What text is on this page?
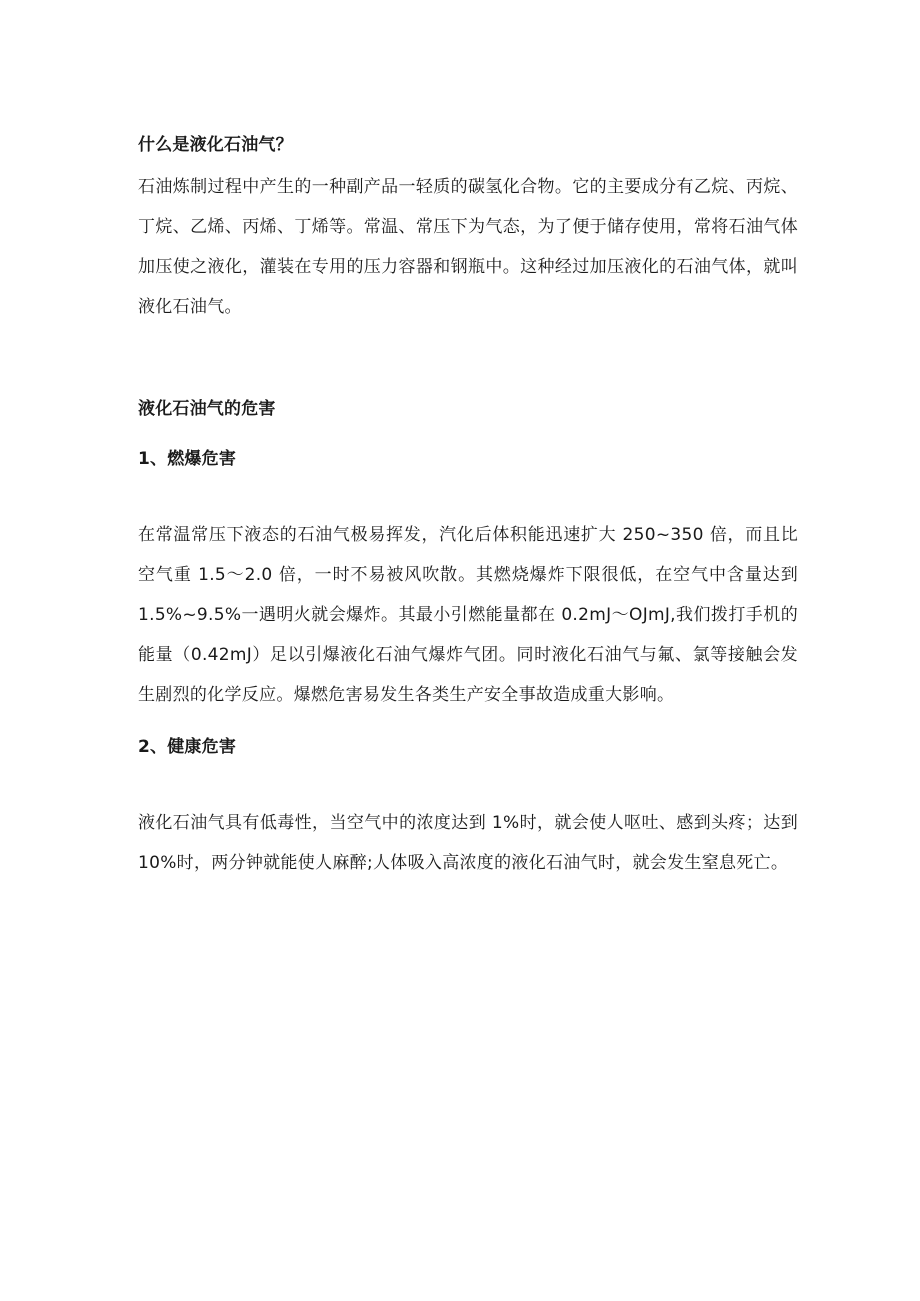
什么是液化石油气？

石油炼制过程中产生的一种副产品一轻质的碳氢化合物。它的主要成分有乙烷、丙烷、丁烷、乙烯、丙烯、丁烯等。常温、常压下为气态，为了便于储存使用，常将石油气体加压使之液化，灌装在专用的压力容器和钢瓶中。这种经过加压液化的石油气体，就叫液化石油气。

液化石油气的危害
1、燃爆危害

在常温常压下液态的石油气极易挥发，汽化后体积能迅速扩大 250~350 倍，而且比空气重 1.5～2.0 倍，一时不易被风吹散。其燃烧爆炸下限很低，在空气中含量达到 1.5%~9.5%一遇明火就会爆炸。其最小引燃能量都在 0.2mJ～OJmJ,我们拨打手机的能量（0.42mJ）足以引爆液化石油气爆炸气团。同时液化石油气与氟、氯等接触会发生剧烈的化学反应。爆燃危害易发生各类生产安全事故造成重大影响。

2、健康危害

液化石油气具有低毒性，当空气中的浓度达到 1%时，就会使人呕吐、感到头疼；达到 10%时，两分钟就能使人麻醉;人体吸入高浓度的液化石油气时，就会发生窒息死亡。
